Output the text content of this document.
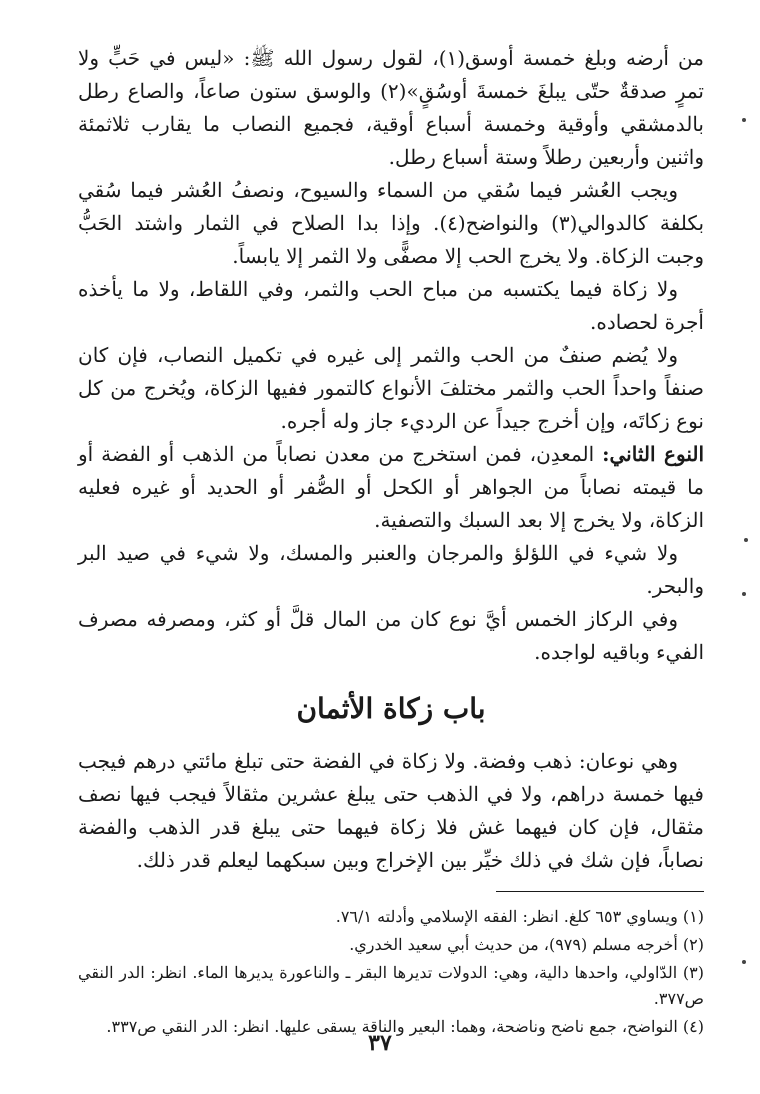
من أرضه وبلغ خمسة أوسق(١)، لقول رسول الله ﷺ: «ليس في حَبٍّ ولا تمرٍ صدقةٌ حتّى يبلغَ خمسةَ أوسُقٍ»(٢) والوسق ستون صاعاً، والصاع رطل بالدمشقي وأوقية وخمسة أسباع أوقية، فجميع النصاب ما يقارب ثلاثمئة واثنين وأربعين رطلاً وستة أسباع رطل.

ويجب العُشر فيما سُقي من السماء والسيوح، ونصفُ العُشر فيما سُقي بكلفة كالدوالي(٣) والنواضح(٤). وإذا بدا الصلاح في الثمار واشتد الحَبُّ وجبت الزكاة. ولا يخرج الحب إلا مصفًّى ولا الثمر إلا يابساً.

ولا زكاة فيما يكتسبه من مباح الحب والثمر، وفي اللقاط، ولا ما يأخذه أجرة لحصاده.

ولا يُضم صنفٌ من الحب والثمر إلى غيره في تكميل النصاب، فإن كان صنفاً واحداً الحب والثمر مختلفَ الأنواع كالتمور ففيها الزكاة، ويُخرج من كل نوع زكاتَه، وإن أخرج جيداً عن الرديء جاز وله أجره.

النوع الثاني: المعدِن، فمن استخرج من معدن نصاباً من الذهب أو الفضة أو ما قيمته نصاباً من الجواهر أو الكحل أو الصُّفر أو الحديد أو غيره فعليه الزكاة، ولا يخرج إلا بعد السبك والتصفية.

ولا شيء في اللؤلؤ والمرجان والعنبر والمسك، ولا شيء في صيد البر والبحر.

وفي الركاز الخمس أيَّ نوع كان من المال قلَّ أو كثر، ومصرفه مصرف الفيء وباقيه لواجده.

باب زكاة الأثمان

وهي نوعان: ذهب وفضة. ولا زكاة في الفضة حتى تبلغ مائتي درهم فيجب فيها خمسة دراهم، ولا في الذهب حتى يبلغ عشرين مثقالاً فيجب فيها نصف مثقال، فإن كان فيهما غش فلا زكاة فيهما حتى يبلغ قدر الذهب والفضة نصاباً، فإن شك في ذلك خيِّر بين الإخراج وبين سبكهما ليعلم قدر ذلك.

(١) ويساوي ٦٥٣ كلغ. انظر: الفقه الإسلامي وأدلته ٧٦/١.

(٢) أخرجه مسلم (٩٧٩)، من حديث أبي سعيد الخدري.

(٣) الدّاولي، واحدها دالية، وهي: الدولات تديرها البقر ـ والناعورة يديرها الماء. انظر: الدر النقي ص٣٧٧.

(٤) النواضح، جمع ناضح وناضحة، وهما: البعير والناقة يسقى عليها. انظر: الدر النقي ص٣٣٧.

٣٧
